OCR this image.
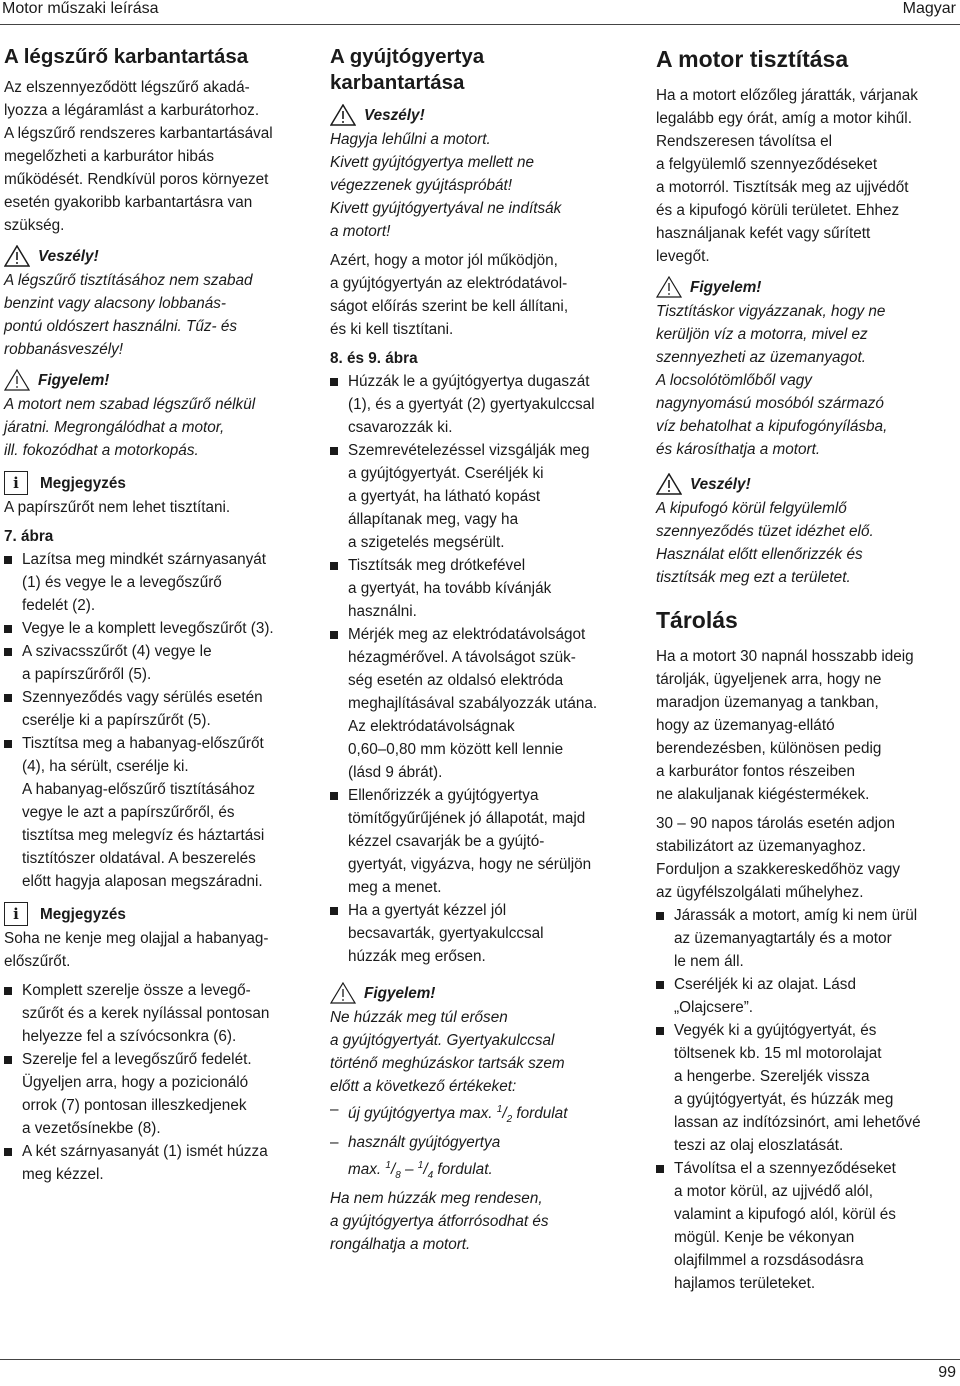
Motor műszaki leírása	Magyar
A légszűrő karbantartása

Az elszennyeződött légszűrő akadá-

lyozza a légáramlást a karburátorhoz.

A légszűrő rendszeres karbantartásával

megelőzheti a karburátor hibás

működését. Rendkívül poros környezet

esetén gyakoribb karbantartásra van

szükség.

Veszély!

A légszűrő tisztításához nem szabad

benzint vagy alacsony lobbanás-

pontú oldószert használni. Tűz- és

robbanásveszély!

Figyelem!

A motort nem szabad légszűrő nélkül

járatni. Megrongálódhat a motor,

ill. fokozódhat a motorkopás.

i	Megjegyzés

A papírszűrőt nem lehet tisztítani.

7. ábra

Lazítsa meg mindkét szárnyasanyát

(1) és vegye le a levegőszűrő

fedelét (2).

Vegye le a komplett levegőszűrőt (3).

A szivacsszűrőt (4) vegye le

a papírszűrőről (5).

Szennyeződés vagy sérülés esetén

cserélje ki a papírszűrőt (5).

Tisztítsa meg a habanyag-előszűrőt

(4), ha sérült, cserélje ki.

A habanyag-előszűrő tisztításához

vegye le azt a papírszűrőről, és

tisztítsa meg melegvíz és háztartási

tisztítószer oldatával. A beszerelés

előtt hagyja alaposan megszáradni.

i	Megjegyzés

Soha ne kenje meg olajjal a habanyag-

előszűrőt.

Komplett szerelje össze a levegő-

szűrőt és a kerek nyílással pontosan

helyezze fel a szívócsonkra (6).

Szerelje fel a levegőszűrő fedelét.

Ügyeljen arra, hogy a pozicionáló

orrok (7) pontosan illeszkedjenek

a vezetősínekbe (8).

A két szárnyasanyát (1) ismét húzza

meg kézzel.

A gyújtógyertya
karbantartása
Veszély!

Hagyja lehűlni a motort.

Kivett gyújtógyertya mellett ne

végezzenek gyújtáspróbát!

Kivett gyújtógyertyával ne indítsák

a motort!

Azért, hogy a motor jól működjön,

a gyújtógyertyán az elektródatávol-

ságot előírás szerint be kell állítani,

és ki kell tisztítani.

8. és 9. ábra

Húzzák le a gyújtógyertya dugaszát

(1), és a gyertyát (2) gyertyakulccsal

csavarozzák ki.

Szemrevételezéssel vizsgálják meg

a gyújtógyertyát. Cseréljék ki

a gyertyát, ha látható kopást

állapítanak meg, vagy ha

a szigetelés megsérült.

Tisztítsák meg drótkefével

a gyertyát, ha tovább kívánják

használni.

Mérjék meg az elektródatávolságot

hézagmérővel. A távolságot szük-

ség esetén az oldalsó elektróda

meghajlításával szabályozzák utána.

Az elektródatávolságnak

0,60–0,80 mm között kell lennie

(lásd 9 ábrát).

Ellenőrizzék a gyújtógyertya

tömítőgyűrűjének jó állapotát, majd

kézzel csavarják be a gyújtó-

gyertyát, vigyázva, hogy ne sérüljön

meg a menet.

Ha a gyertyát kézzel jól

becsavarták, gyertyakulccsal

húzzák meg erősen.

Figyelem!

Ne húzzák meg túl erősen

a gyújtógyertyát. Gyertyakulccsal

történő meghúzáskor tartsák szem

előtt a következő értékeket:

– új gyújtógyertya max. $^1/_2$ fordulat
– használt gyújtógyertya
max. $^1/_8 - ^1/_4$ fordulat.

Ha nem húzzák meg rendesen,

a gyújtógyertya átforrósodhat és

rongálhatja a motort.

A motor tisztítása

Ha a motort előzőleg járatták, várjanak

legalább egy órát, amíg a motor kihűl.

Rendszeresen távolítsa el

a felgyülemlő szennyeződéseket

a motorról. Tisztítsák meg az ujjvédőt

és a kipufogó körüli területet. Ehhez

használjanak kefét vagy sűrített

levegőt.

Figyelem!

Tisztításkor vigyázzanak, hogy ne

kerüljön víz a motorra, mivel ez

szennyezheti az üzemanyagot.

A locsolótömlőből vagy

nagynyomású mosóból származó

víz behatolhat a kipufogónyílásba,

és károsíthatja a motort.

Veszély!

A kipufogó körül felgyülemlő

szennyeződés tüzet idézhet elő.

Használat előtt ellenőrizzék és

tisztítsák meg ezt a területet.

Tárolás

Ha a motort 30 napnál hosszabb ideig

tárolják, ügyeljenek arra, hogy ne

maradjon üzemanyag a tankban,

hogy az üzemanyag-ellátó

berendezésben, különösen pedig

a karburátor fontos részeiben

ne alakuljanak kiégéstermékek.

30 – 90 napos tárolás esetén adjon

stabilizátort az üzemanyaghoz.

Forduljon a szakkereskedőhöz vagy

az ügyfélszolgálati műhelyhez.

Járassák a motort, amíg ki nem ürül

az üzemanyagtartály és a motor

le nem áll.

Cseréljék ki az olajat. Lásd

„Olajcsere”.

Vegyék ki a gyújtógyertyát, és

töltsenek kb. 15 ml motorolajat

a hengerbe. Szereljék vissza

a gyújtógyertyát, és húzzák meg

lassan az indítózsinórt, ami lehetővé

teszi az olaj eloszlatását.

Távolítsa el a szennyeződéseket

a motor körül, az ujjvédő alól,

valamint a kipufogó alól, körül és

mögül. Kenje be vékonyan

olajfilmmel a rozsdásodásra

hajlamos területeket.

99
